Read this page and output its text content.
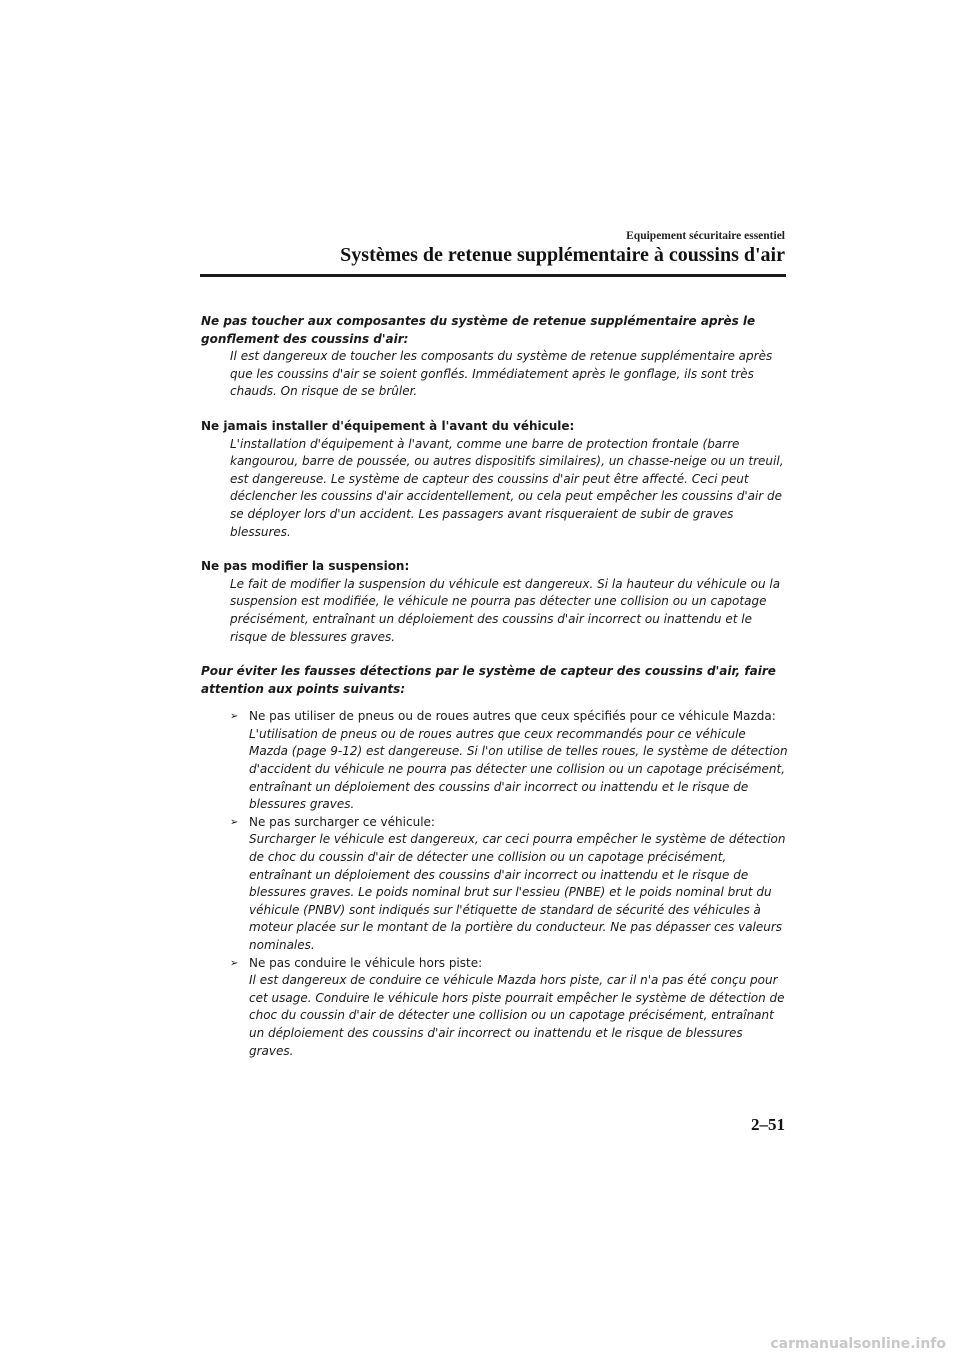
Equipement sécuritaire essentiel
Systèmes de retenue supplémentaire à coussins d'air

Ne pas toucher aux composantes du système de retenue supplémentaire après le gonflement des coussins d'air:

Il est dangereux de toucher les composants du système de retenue supplémentaire après que les coussins d'air se soient gonflés. Immédiatement après le gonflage, ils sont très chauds. On risque de se brûler.

Ne jamais installer d'équipement à l'avant du véhicule:

L'installation d'équipement à l'avant, comme une barre de protection frontale (barre kangourou, barre de poussée, ou autres dispositifs similaires), un chasse-neige ou un treuil, est dangereuse. Le système de capteur des coussins d'air peut être affecté. Ceci peut déclencher les coussins d'air accidentellement, ou cela peut empêcher les coussins d'air de se déployer lors d'un accident. Les passagers avant risqueraient de subir de graves blessures.

Ne pas modifier la suspension:

Le fait de modifier la suspension du véhicule est dangereux. Si la hauteur du véhicule ou la suspension est modifiée, le véhicule ne pourra pas détecter une collision ou un capotage précisément, entraînant un déploiement des coussins d'air incorrect ou inattendu et le risque de blessures graves.

Pour éviter les fausses détections par le système de capteur des coussins d'air, faire attention aux points suivants:

➢ Ne pas utiliser de pneus ou de roues autres que ceux spécifiés pour ce véhicule Mazda:
L'utilisation de pneus ou de roues autres que ceux recommandés pour ce véhicule Mazda (page 9-12) est dangereuse. Si l'on utilise de telles roues, le système de détection d'accident du véhicule ne pourra pas détecter une collision ou un capotage précisément, entraînant un déploiement des coussins d'air incorrect ou inattendu et le risque de blessures graves.
➢ Ne pas surcharger ce véhicule:
Surcharger le véhicule est dangereux, car ceci pourra empêcher le système de détection de choc du coussin d'air de détecter une collision ou un capotage précisément, entraînant un déploiement des coussins d'air incorrect ou inattendu et le risque de blessures graves. Le poids nominal brut sur l'essieu (PNBE) et le poids nominal brut du véhicule (PNBV) sont indiqués sur l'étiquette de standard de sécurité des véhicules à moteur placée sur le montant de la portière du conducteur. Ne pas dépasser ces valeurs nominales.
➢ Ne pas conduire le véhicule hors piste:
Il est dangereux de conduire ce véhicule Mazda hors piste, car il n'a pas été conçu pour cet usage. Conduire le véhicule hors piste pourrait empêcher le système de détection de choc du coussin d'air de détecter une collision ou un capotage précisément, entraînant un déploiement des coussins d'air incorrect ou inattendu et le risque de blessures graves.
2–51
carmanualsonline.info
